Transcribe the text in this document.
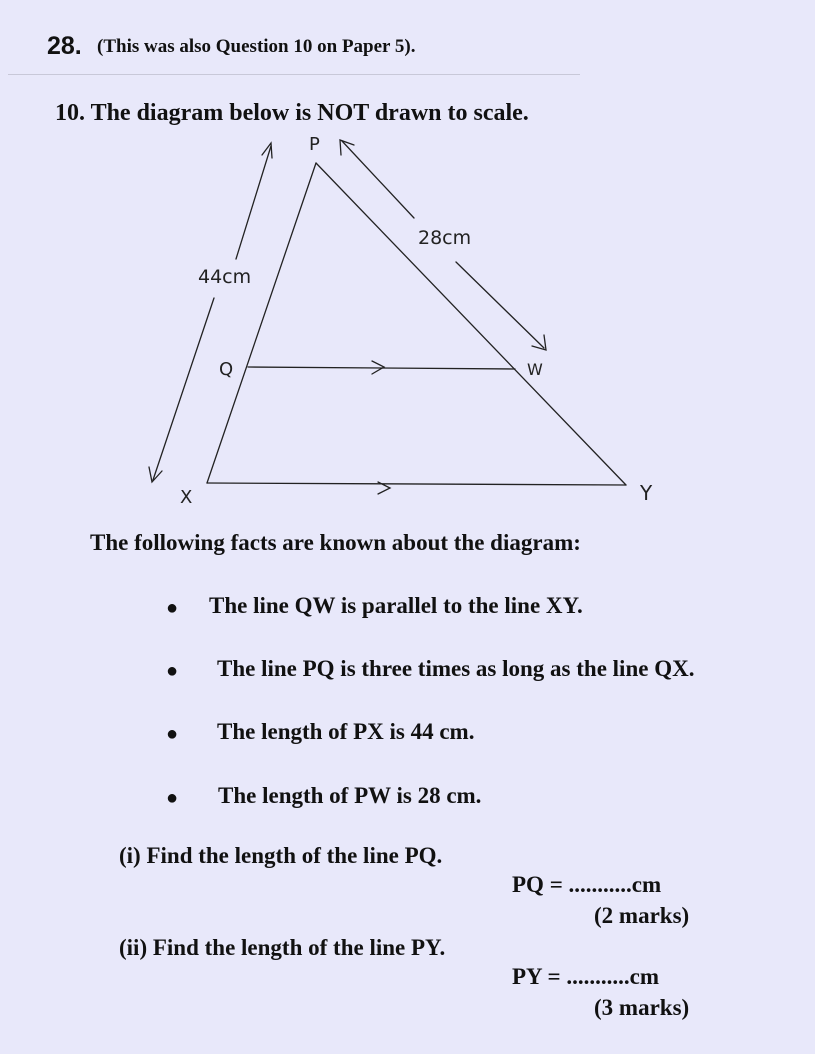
28. (This was also Question 10 on Paper 5).
10. The diagram below is NOT drawn to scale.
P
Q	W
X	Y
44cm
28cm
The following facts are known about the diagram:
● The line QW is parallel to the line XY.
● The line PQ is three times as long as the line QX.
● The length of PX is 44 cm.
● The length of PW is 28 cm.
(i) Find the length of the line PQ.
PQ = ...........cm
(2 marks)
(ii) Find the length of the line PY.
PY = ...........cm
(3 marks)
